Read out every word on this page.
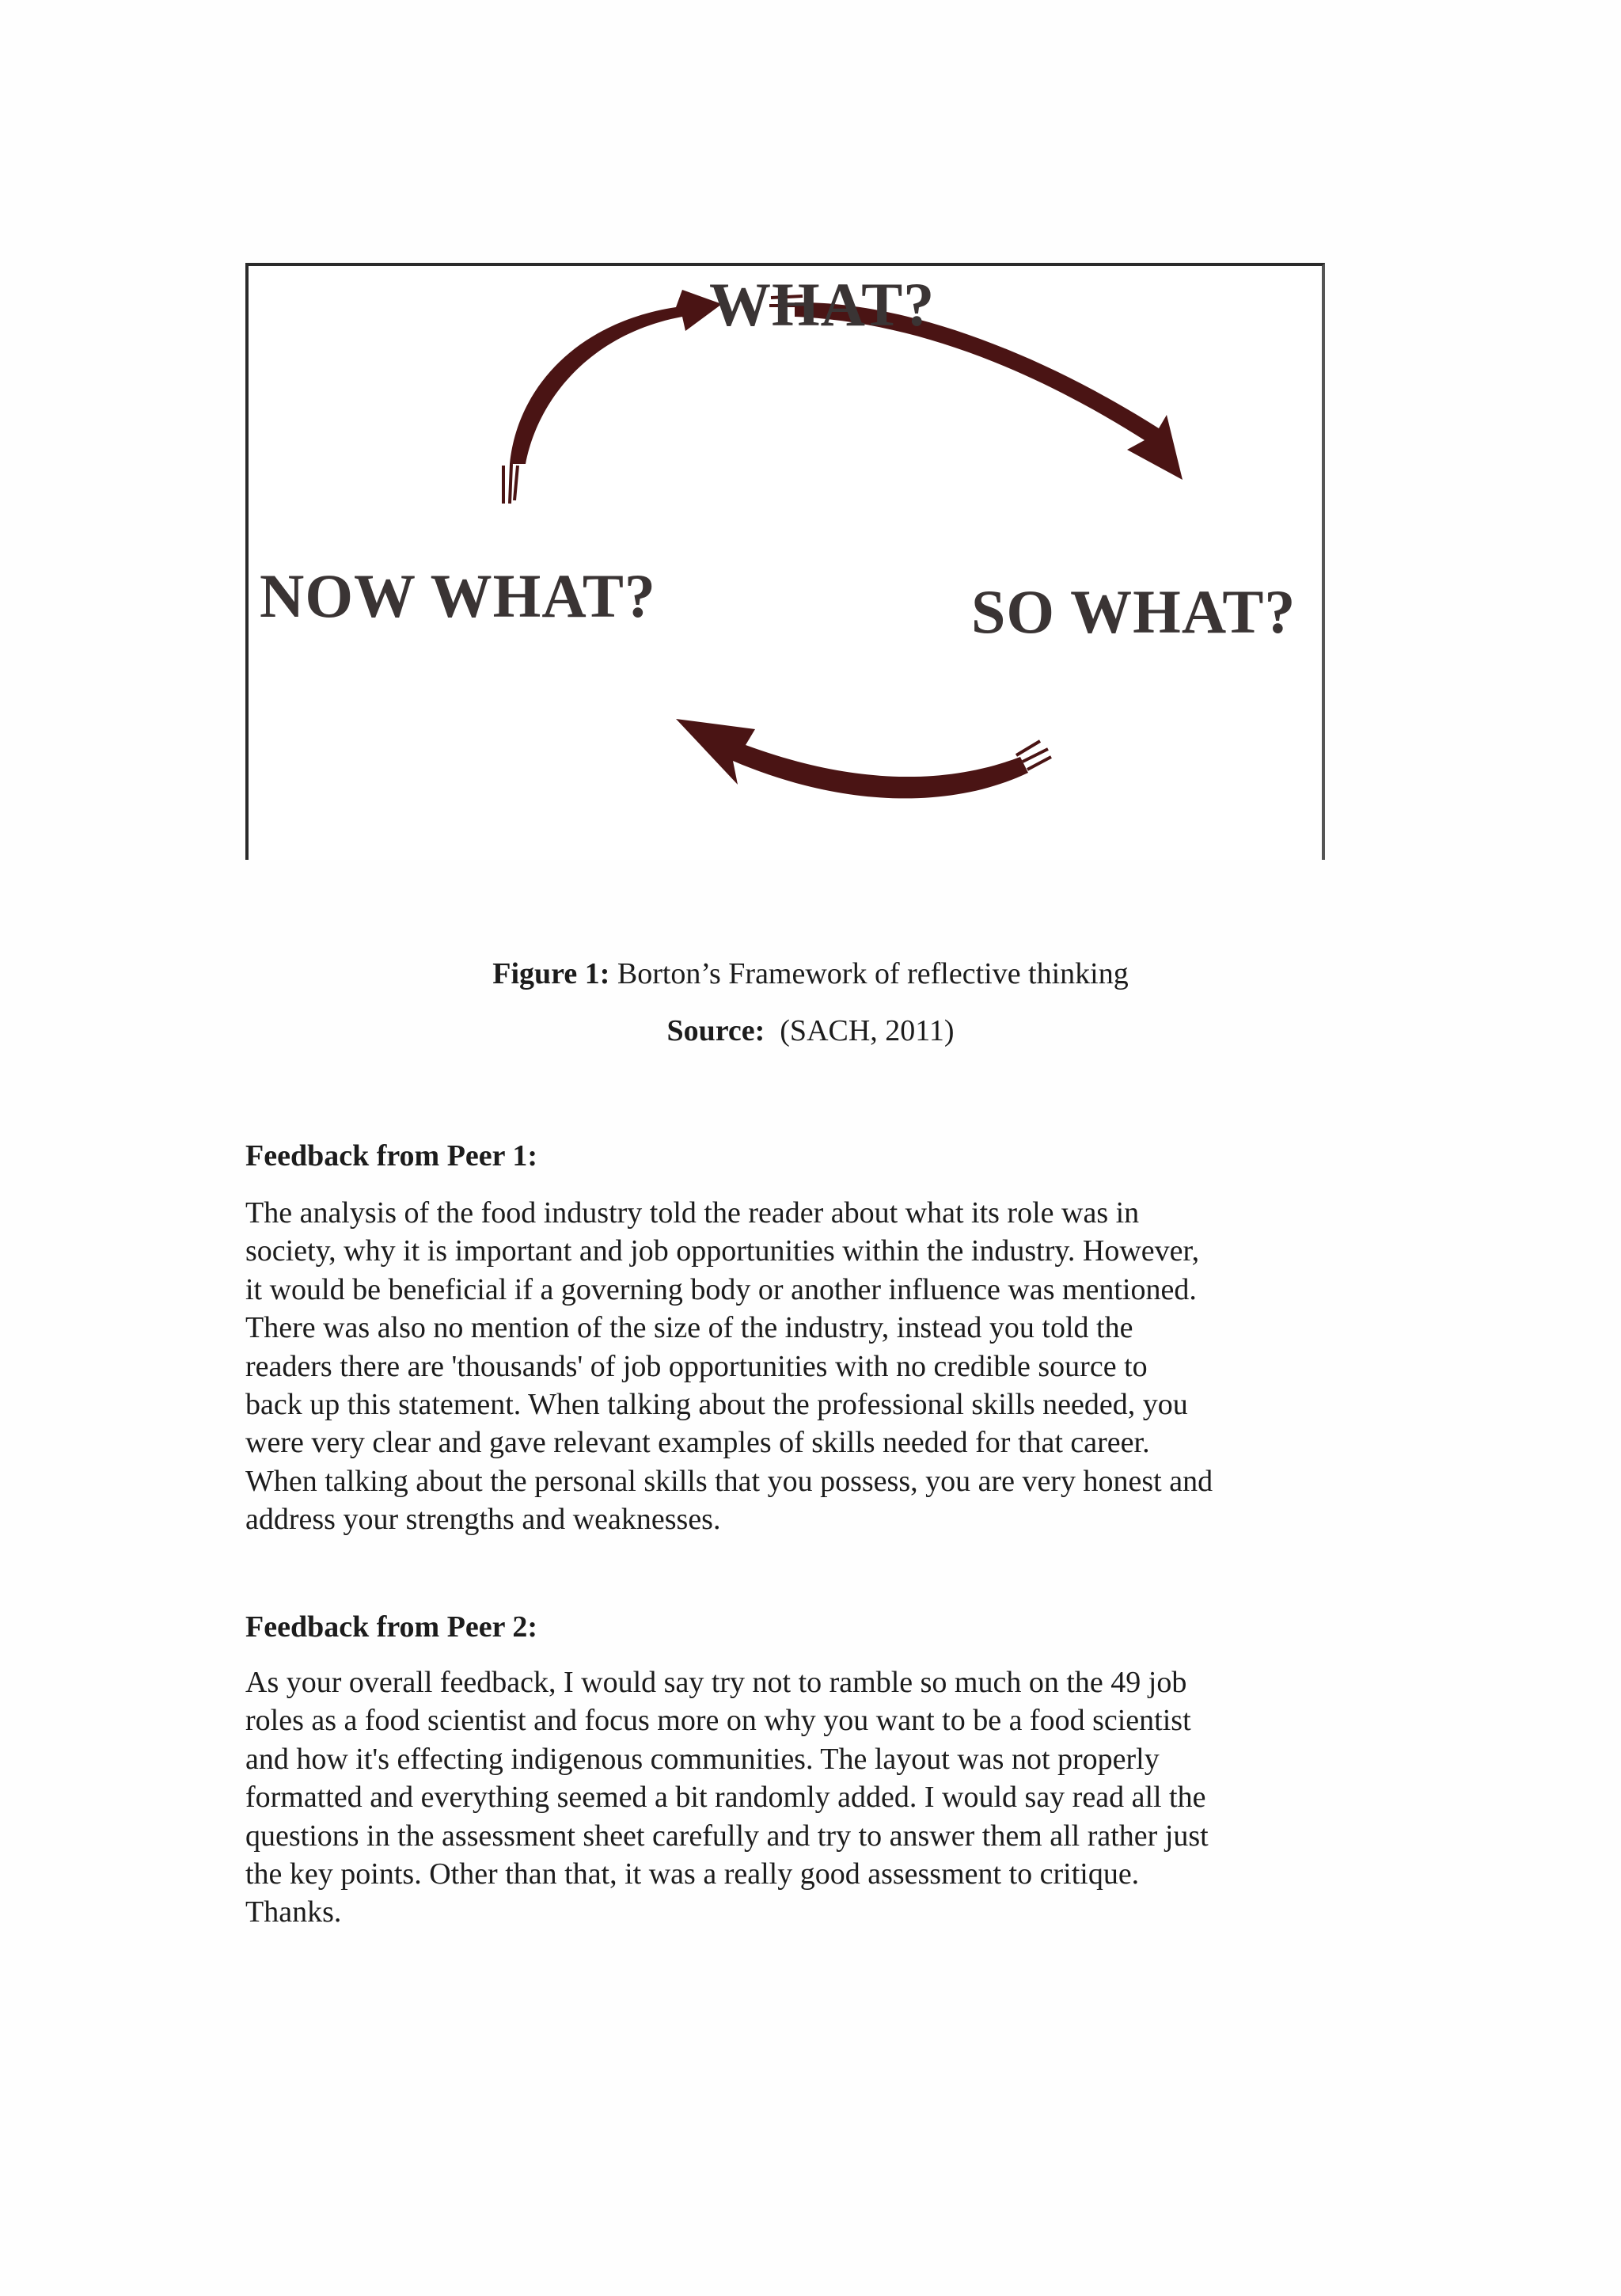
WHAT?
NOW WHAT?	SO WHAT?
Figure 1: Borton’s Framework of reflective thinking
Source: (SACH, 2011)
Feedback from Peer 1:

The analysis of the food industry told the reader about what its role was in
society, why it is important and job opportunities within the industry. However,
it would be beneficial if a governing body or another influence was mentioned.
There was also no mention of the size of the industry, instead you told the
readers there are 'thousands' of job opportunities with no credible source to
back up this statement. When talking about the professional skills needed, you
were very clear and gave relevant examples of skills needed for that career.
When talking about the personal skills that you possess, you are very honest and
address your strengths and weaknesses.

Feedback from Peer 2:

As your overall feedback, I would say try not to ramble so much on the 49 job
roles as a food scientist and focus more on why you want to be a food scientist
and how it's effecting indigenous communities. The layout was not properly
formatted and everything seemed a bit randomly added. I would say read all the
questions in the assessment sheet carefully and try to answer them all rather just
the key points. Other than that, it was a really good assessment to critique.
Thanks.
